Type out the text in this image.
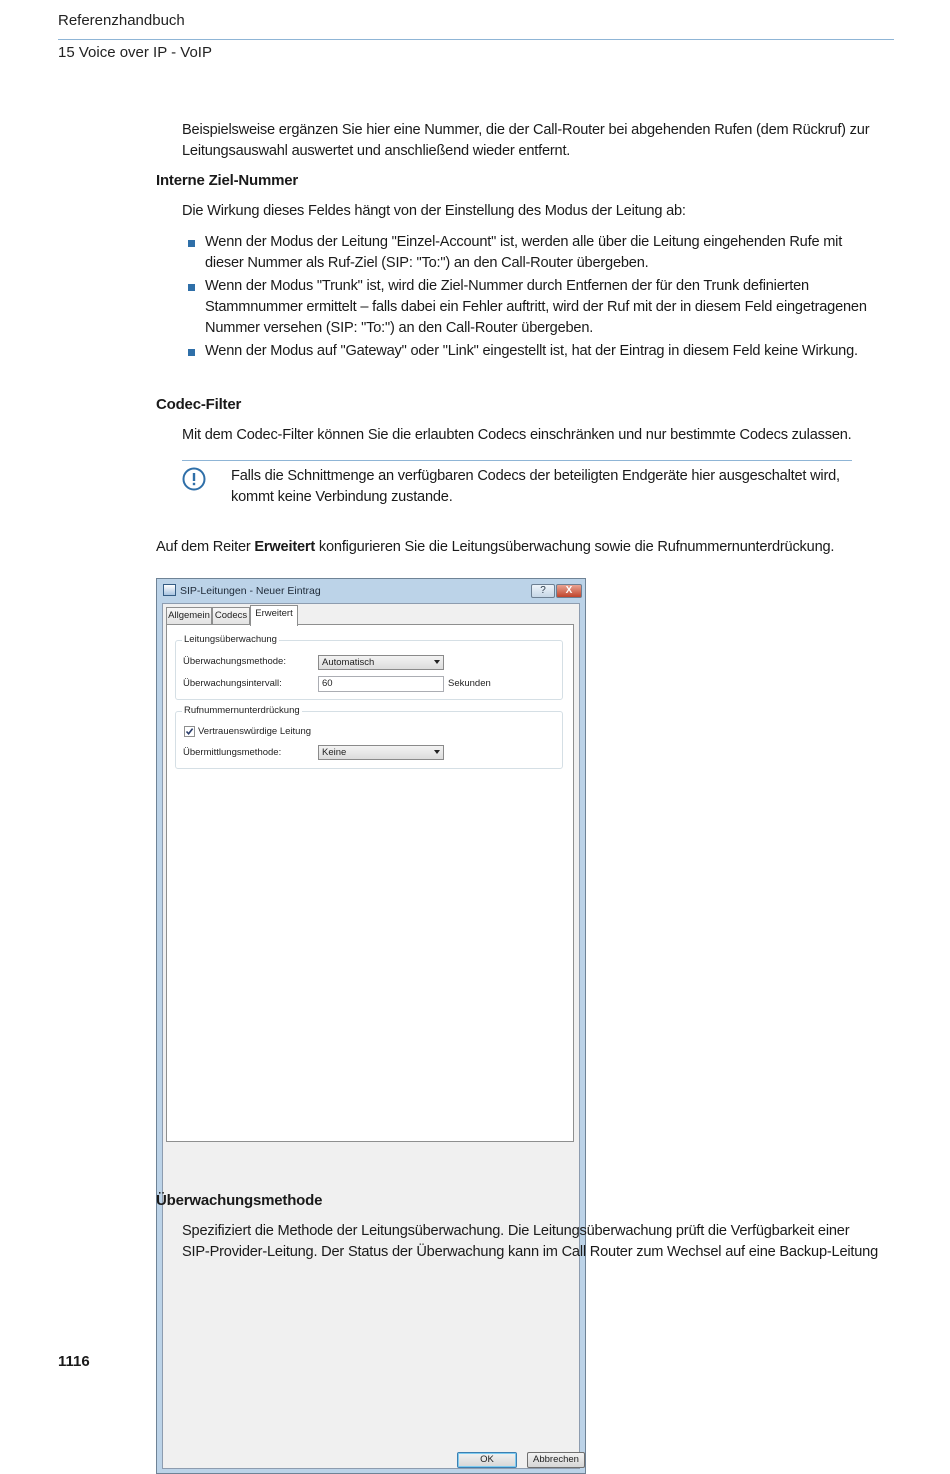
Referenzhandbuch
15 Voice over IP - VoIP
Beispielsweise ergänzen Sie hier eine Nummer, die der Call-Router bei abgehenden Rufen (dem Rückruf) zur
Leitungsauswahl auswertet und anschließend wieder entfernt.
Interne Ziel-Nummer
Die Wirkung dieses Feldes hängt von der Einstellung des Modus der Leitung ab:
Wenn der Modus der Leitung "Einzel-Account" ist, werden alle über die Leitung eingehenden Rufe mit
dieser Nummer als Ruf-Ziel (SIP: "To:") an den Call-Router übergeben.
Wenn der Modus "Trunk" ist, wird die Ziel-Nummer durch Entfernen der für den Trunk definierten
Stammnummer ermittelt – falls dabei ein Fehler auftritt, wird der Ruf mit der in diesem Feld eingetragenen
Nummer versehen (SIP: "To:") an den Call-Router übergeben.
Wenn der Modus auf "Gateway" oder "Link" eingestellt ist, hat der Eintrag in diesem Feld keine Wirkung.
Codec-Filter
Mit dem Codec-Filter können Sie die erlaubten Codecs einschränken und nur bestimmte Codecs zulassen.
Falls die Schnittmenge an verfügbaren Codecs der beteiligten Endgeräte hier ausgeschaltet wird,
kommt keine Verbindung zustande.
Auf dem Reiter Erweitert konfigurieren Sie die Leitungsüberwachung sowie die Rufnummernunterdrückung.
SIP-Leitungen - Neuer Eintrag	?	X
Allgemein Codecs Erweitert
Leitungsüberwachung
Überwachungsmethode:	Automatisch
Überwachungsintervall:	60	Sekunden
Rufnummernunterdrückung
Vertrauenswürdige Leitung
Übermittlungsmethode:	Keine
OK	Abbrechen
Überwachungsmethode
Spezifiziert die Methode der Leitungsüberwachung. Die Leitungsüberwachung prüft die Verfügbarkeit einer
SIP-Provider-Leitung. Der Status der Überwachung kann im Call Router zum Wechsel auf eine Backup-Leitung
1116
